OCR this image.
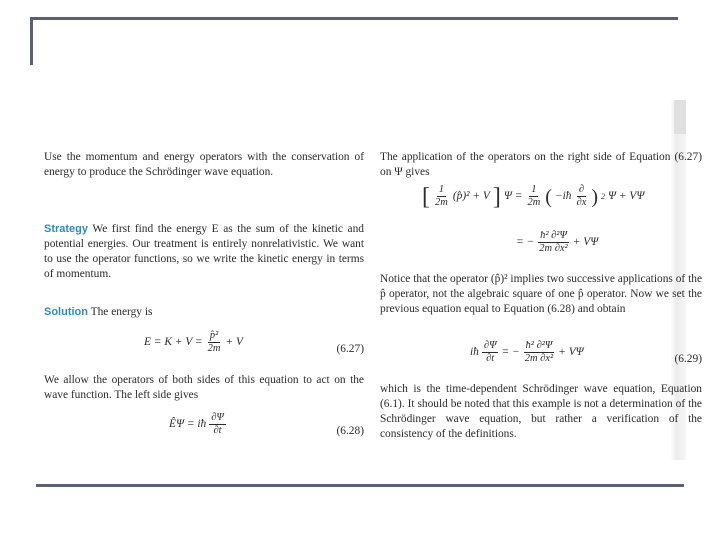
Use the momentum and energy operators with the conservation of energy to produce the Schrödinger wave equation.

Strategy We first find the energy E as the sum of the kinetic and potential energies. Our treatment is entirely nonrelativistic. We want to use the operator functions, so we write the kinetic energy in terms of momentum.

Solution The energy is

$E = K + V = \frac{\text{p̂²}}{2m} + V$
(6.27)

We allow the operators of both sides of this equation to act on the wave function. The left side gives

ÊΨ = iħ $\frac{\partial\Psi}{\partial t}$	(6.28)

The application of the operators on the right side of Equation (6.27) on Ψ gives

[ $\frac{1}{2m}$ (p̂)² + V ] $\Psi = \frac{1}{2m}$ ( −iħ $\frac{\partial}{\partial x}$ ) 2 Ψ + VΨ
= − $\frac{\text{ħ² ∂²Ψ}}{\text{2m ∂x²}} + V\Psi$

Notice that the operator (p̂)² implies two successive applications of the p̂ operator, not the algebraic square of one p̂ operator. Now we set the previous equation equal to Equation (6.28) and obtain

iħ $\frac{\partial\Psi}{\partial t}$ = − $\frac{\text{ħ² ∂²Ψ}}{\text{2m ∂x²}} + V\Psi$
(6.29)

which is the time-dependent Schrödinger wave equation, Equation (6.1). It should be noted that this example is not a determination of the Schrödinger wave equation, but rather a verification of the consistency of the definitions.
